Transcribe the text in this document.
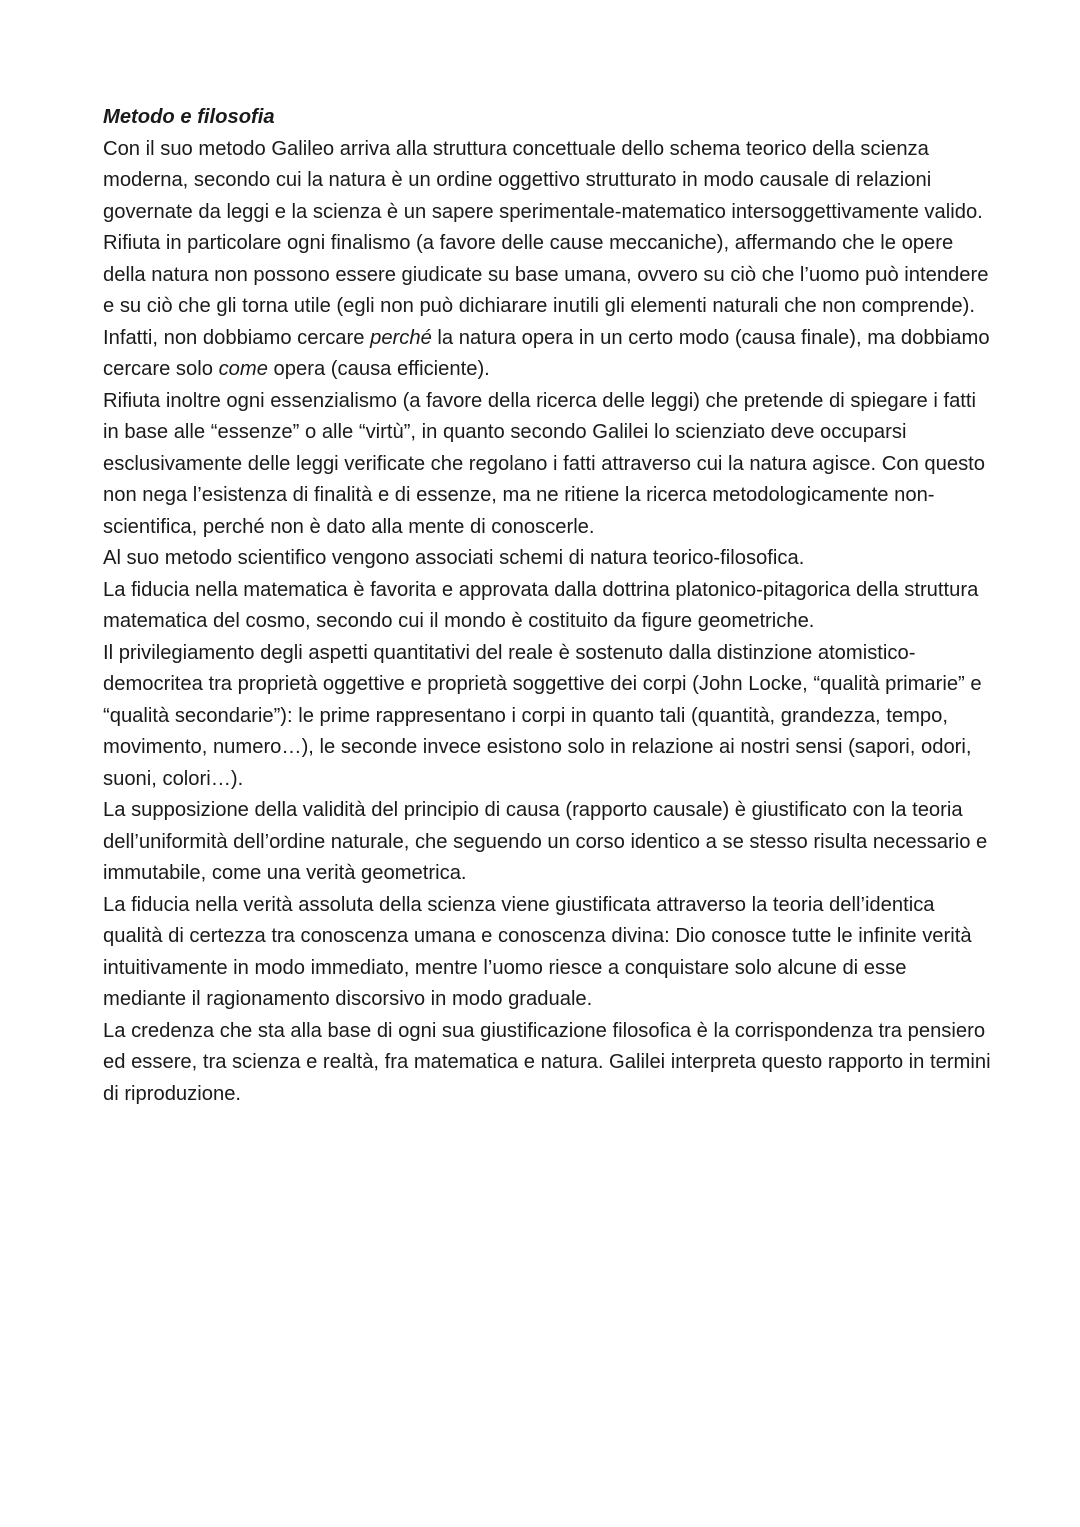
Metodo e filosofia

Con il suo metodo Galileo arriva alla struttura concettuale dello schema teorico della scienza moderna, secondo cui la natura è un ordine oggettivo strutturato in modo causale di relazioni governate da leggi e la scienza è un sapere sperimentale-matematico intersoggettivamente valido.

Rifiuta in particolare ogni finalismo (a favore delle cause meccaniche), affermando che le opere della natura non possono essere giudicate su base umana, ovvero su ciò che l’uomo può intendere e su ciò che gli torna utile (egli non può dichiarare inutili gli elementi naturali che non comprende). Infatti, non dobbiamo cercare perché la natura opera in un certo modo (causa finale), ma dobbiamo cercare solo come opera (causa efficiente).

Rifiuta inoltre ogni essenzialismo (a favore della ricerca delle leggi) che pretende di spiegare i fatti in base alle “essenze” o alle “virtù”, in quanto secondo Galilei lo scienziato deve occuparsi esclusivamente delle leggi verificate che regolano i fatti attraverso cui la natura agisce. Con questo non nega l’esistenza di finalità e di essenze, ma ne ritiene la ricerca metodologicamente non-scientifica, perché non è dato alla mente di conoscerle.

Al suo metodo scientifico vengono associati schemi di natura teorico-filosofica.

La fiducia nella matematica è favorita e approvata dalla dottrina platonico-pitagorica della struttura matematica del cosmo, secondo cui il mondo è costituito da figure geometriche.

Il privilegiamento degli aspetti quantitativi del reale è sostenuto dalla distinzione atomistico-democritea tra proprietà oggettive e proprietà soggettive dei corpi (John Locke, “qualità primarie” e “qualità secondarie”): le prime rappresentano i corpi in quanto tali (quantità, grandezza, tempo, movimento, numero…), le seconde invece esistono solo in relazione ai nostri sensi (sapori, odori, suoni, colori…).

La supposizione della validità del principio di causa (rapporto causale) è giustificato con la teoria dell’uniformità dell’ordine naturale, che seguendo un corso identico a se stesso risulta necessario e immutabile, come una verità geometrica.

La fiducia nella verità assoluta della scienza viene giustificata attraverso la teoria dell’identica qualità di certezza tra conoscenza umana e conoscenza divina: Dio conosce tutte le infinite verità intuitivamente in modo immediato, mentre l’uomo riesce a conquistare solo alcune di esse mediante il ragionamento discorsivo in modo graduale.

La credenza che sta alla base di ogni sua giustificazione filosofica è la corrispondenza tra pensiero ed essere, tra scienza e realtà, fra matematica e natura. Galilei interpreta questo rapporto in termini di riproduzione.
